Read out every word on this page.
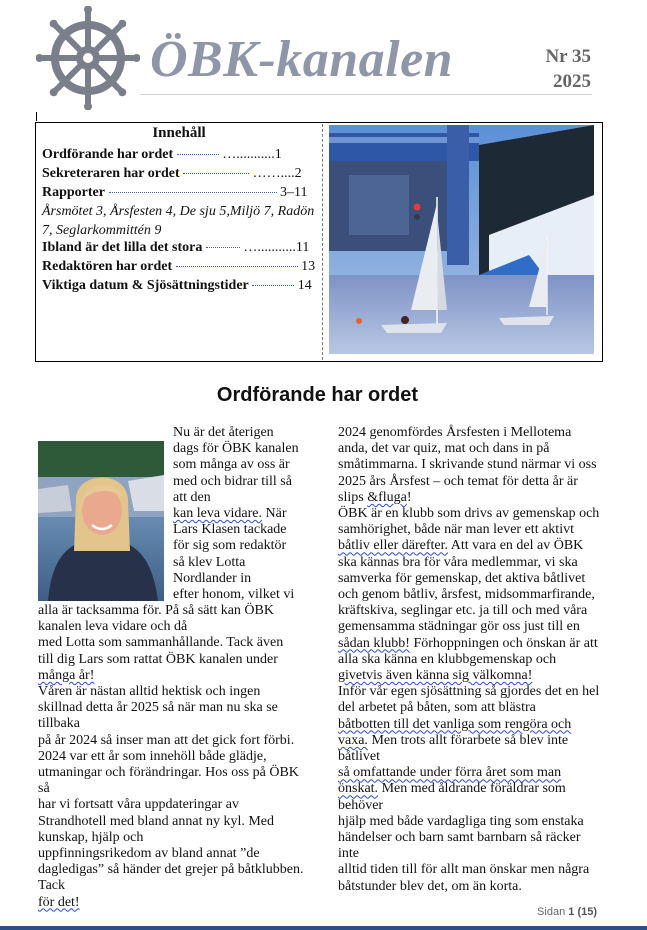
ÖBK-kanalen	Nr 35
2025
Innehåll
Ordförande har ordet	…...........1
Sekreteraren har ordet	……....2
Rapporter	3–11
Årsmötet 3, Årsfesten 4, De sju 5,Miljö 7, Radön 7, Seglarkommittén 9
Ibland är det lilla det stora	…...........11
Redaktören har ordet	13
Viktiga datum & Sjösättningstider	14
Ordförande har ordet

Nu är det återigen

dags för ÖBK kanalen

som många av oss är

med och bidrar till så

att den

kan leva vidare. När

Lars Klasen tackade

för sig som redaktör

så klev Lotta

Nordlander in

efter honom, vilket vi

alla är tacksamma för. På så sätt kan ÖBK

kanalen leva vidare och då

med Lotta som sammanhållande. Tack även

till dig Lars som rattat ÖBK kanalen under

många år!

Våren är nästan alltid hektisk och ingen

skillnad detta år 2025 så när man nu ska se

tillbaka

på år 2024 så inser man att det gick fort förbi.

2024 var ett år som innehöll både glädje,

utmaningar och förändringar. Hos oss på ÖBK

så

har vi fortsatt våra uppdateringar av

Strandhotell med bland annat ny kyl. Med

kunskap, hjälp och

uppfinningsrikedom av bland annat ”de

dagledigas” så händer det grejer på båtklubben.

Tack

för det!

2024 genomfördes Årsfesten i Mellotema

anda, det var quiz, mat och dans in på

småtimmarna. I skrivande stund närmar vi oss

2025 års Årsfest – och temat för detta år är

slips &fluga!

ÖBK är en klubb som drivs av gemenskap och

samhörighet, både när man lever ett aktivt

båtliv eller därefter. Att vara en del av ÖBK

ska kännas bra för våra medlemmar, vi ska

samverka för gemenskap, det aktiva båtlivet

och genom båtliv, årsfest, midsommarfirande,

kräftskiva, seglingar etc. ja till och med våra

gemensamma städningar gör oss just till en

sådan klubb! Förhoppningen och önskan är att

alla ska känna en klubbgemenskap och

givetvis även känna sig välkomna!

Inför vår egen sjösättning så gjordes det en hel

del arbetet på båten, som att blästra

båtbotten till det vanliga som rengöra och

vaxa. Men trots allt förarbete så blev inte

båtlivet

så omfattande under förra året som man

önskat. Men med åldrande föräldrar som

behöver

hjälp med både vardagliga ting som enstaka

händelser och barn samt barnbarn så räcker

inte

alltid tiden till för allt man önskar men några

båtstunder blev det, om än korta.

Sidan 1 (15)
